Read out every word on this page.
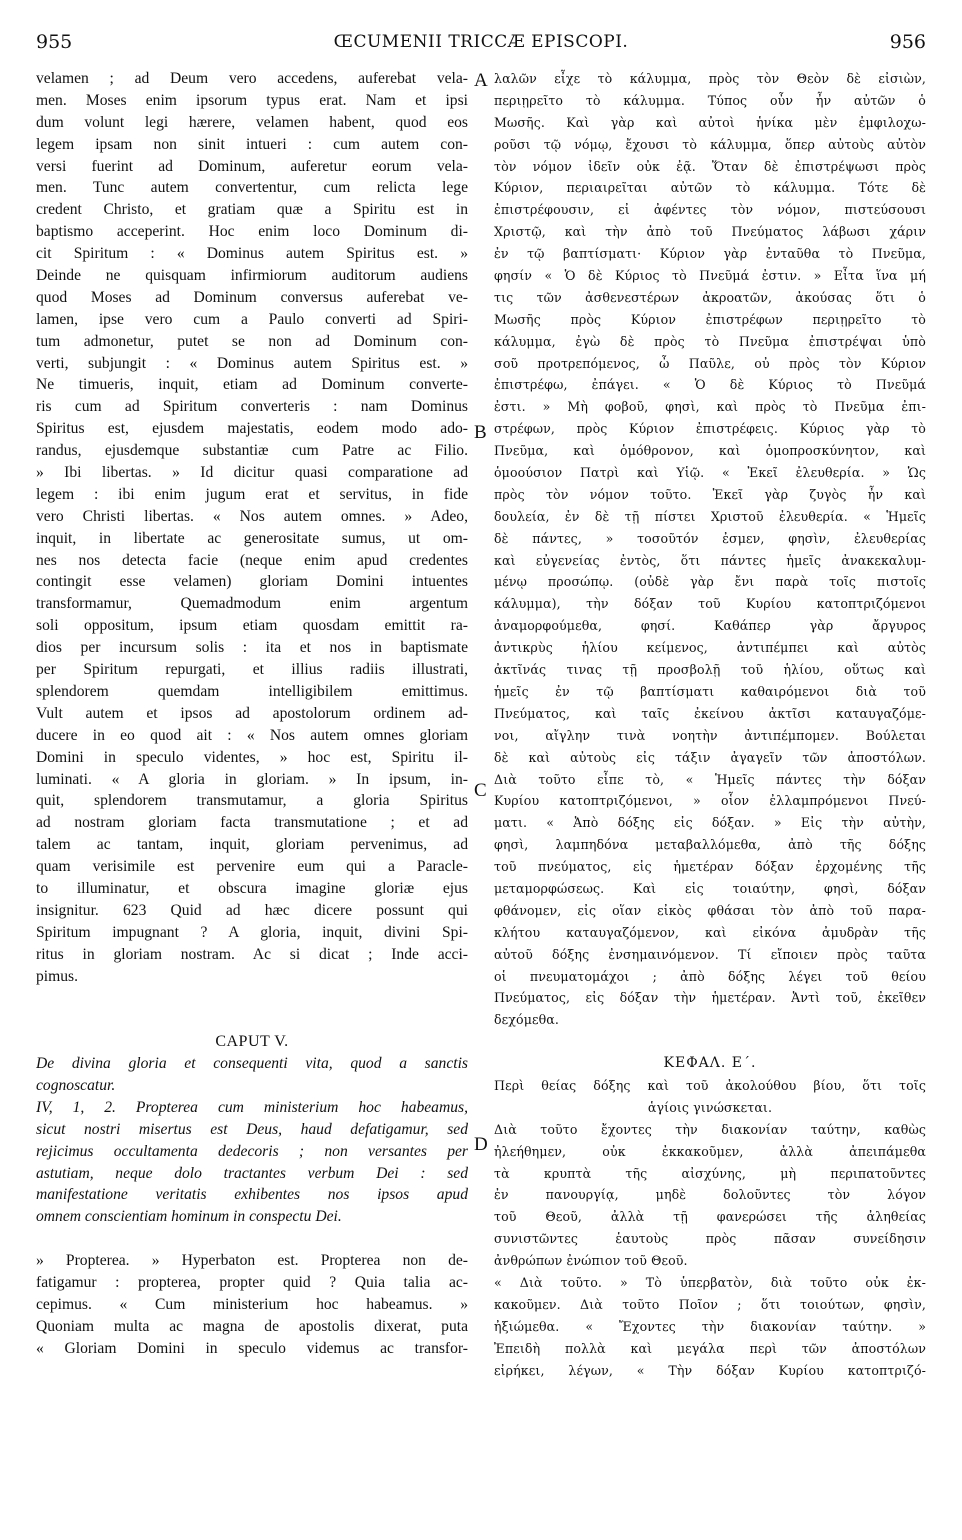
955	ŒCUMENII TRICCÆ EPISCOPI.	956
velamen ; ad Deum vero accedens, auferebat vela-
men. Moses enim ipsorum typus erat. Nam et ipsi
dum volunt legi hærere, velamen habent, quod eos
legem ipsam non sinit intueri : cum autem con-
versi fuerint ad Dominum, auferetur eorum vela-
men. Tunc autem convertentur, cum relicta lege
credent Christo, et gratiam quæ a Spiritu est in
baptismo acceperint. Hoc enim loco Dominum di-
cit Spiritum : « Dominus autem Spiritus est. »
Deinde ne quisquam infirmiorum auditorum audiens
quod Moses ad Dominum conversus auferebat ve-
lamen, ipse vero cum a Paulo converti ad Spiri-
tum admonetur, putet se non ad Dominum con-
verti, subjungit : « Dominus autem Spiritus est. »
Ne timueris, inquit, etiam ad Dominum converte-
ris cum ad Spiritum converteris : nam Dominus
Spiritus est, ejusdem majestatis, eodem modo ado-
randus, ejusdemque substantiæ cum Patre ac Filio.
» Ibi libertas. » Id dicitur quasi comparatione ad
legem : ibi enim jugum erat et servitus, in fide
vero Christi libertas. « Nos autem omnes. » Adeo,
inquit, in libertate ac generositate sumus, ut om-
nes nos detecta facie (neque enim apud credentes
contingit esse velamen) gloriam Domini intuentes
transformamur, Quemadmodum enim argentum
soli oppositum, ipsum etiam quosdam emittit ra-
dios per incursum solis : ita et nos in baptismate
per Spiritum repurgati, et illius radiis illustrati,
splendorem quemdam intelligibilem emittimus.
Vult autem et ipsos ad apostolorum ordinem ad-
ducere in eo quod ait : « Nos autem omnes gloriam
Domini in speculo videntes, » hoc est, Spiritu il-
luminati. « A gloria in gloriam. » In ipsum, in-
quit, splendorem transmutamur, a gloria Spiritus
ad nostram gloriam facta transmutatione ; et ad
talem ac tantam, inquit, gloriam pervenimus, ad
quam verisimile est pervenire eum qui a Paracle-
to illuminatur, et obscura imagine gloriæ ejus
insignitur. 623 Quid ad hæc dicere possunt qui
Spiritum impugnant ? A gloria, inquit, divini Spi-
ritus in gloriam nostram. Ac si dicat ; Inde acci-
pimus.
CAPUT V.
De divina gloria et consequenti vita, quod a sanctis
cognoscatur.
IV, 1, 2. Propterea cum ministerium hoc habeamus,
sicut nostri misertus est Deus, haud defatigamur, sed
rejicimus occultamenta dedecoris ; non versantes per
astutiam, neque dolo tractantes verbum Dei : sed
manifestatione veritatis exhibentes nos ipsos apud
omnem conscientiam hominum in conspectu Dei.
» Propterea. » Hyperbaton est. Propterea non de-
fatigamur : propterea, propter quid ? Quia talia ac-
cepimus. « Cum ministerium hoc habeamus. »
Quoniam multa ac magna de apostolis dixerat, puta
« Gloriam Domini in speculo videmus ac transfor-
λαλῶν εἶχε τὸ κάλυμμα, πρὸς τὸν Θεὸν δὲ εἰσιὼν,
περιῃρεῖτο τὸ κάλυμμα. Τύπος οὖν ἦν αὐτῶν ὁ
Μωσῆς. Καὶ γὰρ καὶ αὐτοὶ ἡνίκα μὲν ἐμφιλοχω-
ροῦσι τῷ νόμῳ, ἔχουσι τὸ κάλυμμα, ὅπερ αὐτοὺς αὐτὸν
τὸν νόμον ἰδεῖν οὐκ ἐᾷ. Ὅταν δὲ ἐπιστρέψωσι πρὸς
Κύριον, περιαιρεῖται αὐτῶν τὸ κάλυμμα. Τότε δὲ
ἐπιστρέφουσιν, εἰ ἀφέντες τὸν νόμον, πιστεύσουσι
Χριστῷ, καὶ τὴν ἀπὸ τοῦ Πνεύματος λάβωσι χάριν
ἐν τῷ βαπτίσματι· Κύριον γὰρ ἐνταῦθα τὸ Πνεῦμα,
φησίν « Ὁ δὲ Κύριος τὸ Πνεῦμά ἐστιν. » Εἶτα ἵνα μή
τις τῶν ἀσθενεστέρων ἀκροατῶν, ἀκούσας ὅτι ὁ
Μωσῆς πρὸς Κύριον ἐπιστρέφων περιῃρεῖτο τὸ
κάλυμμα, ἐγὼ δὲ πρὸς τὸ Πνεῦμα ἐπιστρέψαι ὑπὸ
σοῦ προτρεπόμενος, ὦ Παῦλε, οὐ πρὸς τὸν Κύριον
ἐπιστρέφω, ἐπάγει. « Ὁ δὲ Κύριος τὸ Πνεῦμά
ἐστι. » Μὴ φοβοῦ, φησὶ, καὶ πρὸς τὸ Πνεῦμα ἐπι-
στρέφων, πρὸς Κύριον ἐπιστρέφεις. Κύριος γὰρ τὸ
Πνεῦμα, καὶ ὁμόθρονον, καὶ ὁμοπροσκύνητον, καὶ
ὁμοούσιον Πατρὶ καὶ Υἱῷ. « Ἐκεῖ ἐλευθερία. » Ὡς
πρὸς τὸν νόμον τοῦτο. Ἐκεῖ γὰρ ζυγὸς ἦν καὶ
δουλεία, ἐν δὲ τῇ πίστει Χριστοῦ ἐλευθερία. « Ἡμεῖς
δὲ πάντες, » τοσοῦτόν ἐσμεν, φησὶν, ἐλευθερίας
καὶ εὐγενείας ἐντὸς, ὅτι πάντες ἡμεῖς ἀνακεκαλυμ-
μένῳ προσώπῳ. (οὐδὲ γὰρ ἔνι παρὰ τοῖς πιστοῖς
κάλυμμα), τὴν δόξαν τοῦ Κυρίου κατοπτριζόμενοι
ἀναμορφούμεθα, φησί. Καθάπερ γὰρ ἄργυρος
ἀντικρὺς ἡλίου κείμενος, ἀντιπέμπει καὶ αὐτὸς
ἀκτῖνάς τινας τῇ προσβολῇ τοῦ ἡλίου, οὕτως καὶ
ἡμεῖς ἐν τῷ βαπτίσματι καθαιρόμενοι διὰ τοῦ
Πνεύματος, καὶ ταῖς ἐκείνου ἀκτῖσι καταυγαζόμε-
νοι, αἴγλην τινὰ νοητὴν ἀντιπέμπομεν. Βούλεται
δὲ καὶ αὐτοὺς εἰς τάξιν ἀγαγεῖν τῶν ἀποστόλων.
Διὰ τοῦτο εἶπε τὸ, « Ἡμεῖς πάντες τὴν δόξαν
Κυρίου κατοπτριζόμενοι, » οἷον ἐλλαμπρόμενοι Πνεύ-
ματι. « Ἀπὸ δόξης εἰς δόξαν. » Εἰς τὴν αὐτὴν,
φησὶ, λαμπηδόνα μεταβαλλόμεθα, ἀπὸ τῆς δόξης
τοῦ πνεύματος, εἰς ἡμετέραν δόξαν ἐρχομένης τῆς
μεταμορφώσεως. Καὶ εἰς τοιαύτην, φησὶ, δόξαν
φθάνομεν, εἰς οἵαν εἰκὸς φθάσαι τὸν ἀπὸ τοῦ παρα-
κλήτου καταυγαζόμενον, καὶ εἰκόνα ἀμυδρὰν τῆς
αὐτοῦ δόξης ἐνσημαινόμενον. Τί εἴποιεν πρὸς ταῦτα
οἱ πνευματομάχοι ; ἀπὸ δόξης λέγει τοῦ θείου
Πνεύματος, εἰς δόξαν τὴν ἡμετέραν. Ἀντὶ τοῦ, ἐκεῖθεν
δεχόμεθα.
ΚΕΦΑΛ. Ε΄.
Περὶ θείας δόξης καὶ τοῦ ἀκολούθου βίου, ὅτι τοῖς
ἁγίοις γινώσκεται.
Διὰ τοῦτο ἔχοντες τὴν διακονίαν ταύτην, καθὼς
ἠλεήθημεν, οὐκ ἐκκακοῦμεν, ἀλλὰ ἀπειπάμεθα
τὰ κρυπτὰ τῆς αἰσχύνης, μὴ περιπατοῦντες
ἐν πανουργίᾳ, μηδὲ δολοῦντες τὸν λόγον
τοῦ Θεοῦ, ἀλλὰ τῇ φανερώσει τῆς ἀληθείας
συνιστῶντες ἑαυτοὺς πρὸς πᾶσαν συνείδησιν
ἀνθρώπων ἐνώπιον τοῦ Θεοῦ.
« Διὰ τοῦτο. » Τὸ ὑπερβατὸν, διὰ τοῦτο οὐκ ἐκ-
κακοῦμεν. Διὰ τοῦτο Ποῖον ; ὅτι τοιούτων, φησὶν,
ἠξιώμεθα. « Ἔχοντες τὴν διακονίαν ταύτην. »
Ἐπειδὴ πολλὰ καὶ μεγάλα περὶ τῶν ἀποστόλων
εἰρήκει, λέγων, « Τὴν δόξαν Κυρίου κατοπτριζό-
A
B
C
D
